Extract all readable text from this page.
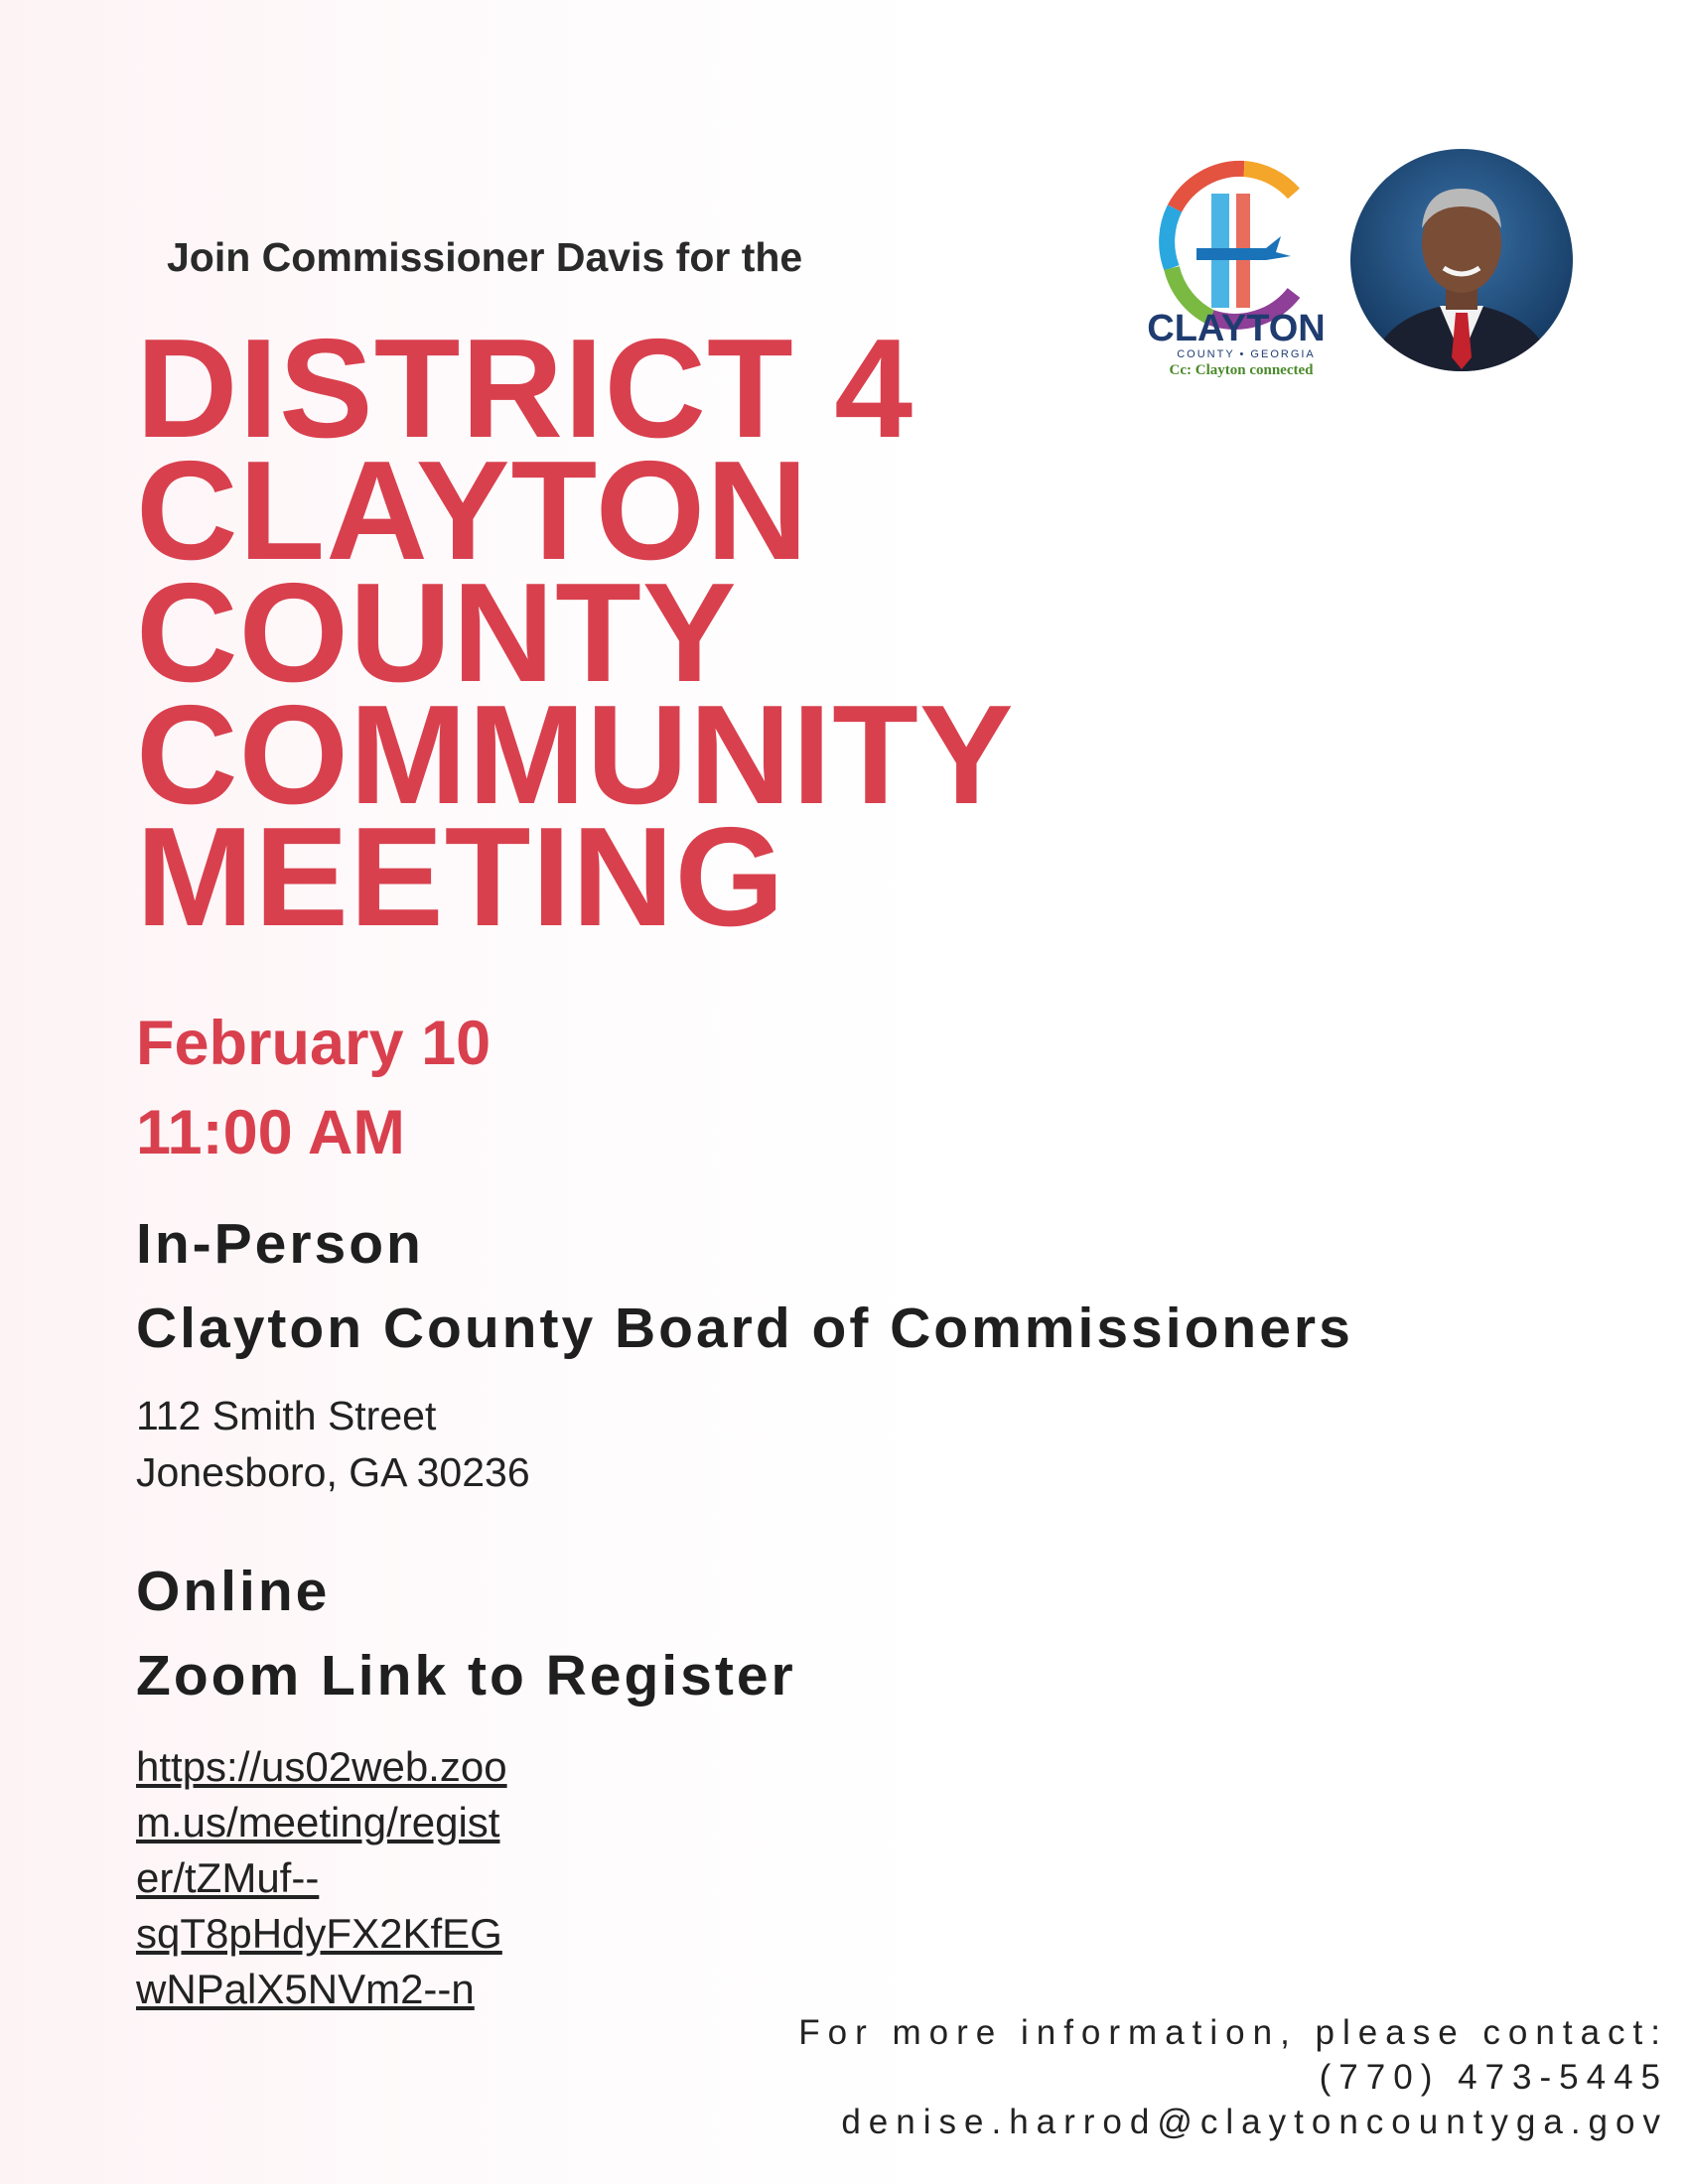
Join Commissioner Davis for the
DISTRICT 4
CLAYTON
COUNTY
COMMUNITY
MEETING
February 10
11:00 AM
In-Person
Clayton County Board of Commissioners
112 Smith Street
Jonesboro, GA 30236
Online
Zoom Link to Register
https://us02web.zoo
m.us/meeting/regist
er/tZMuf--
sqT8pHdyFX2KfEG
wNPalX5NVm2--n
For more information, please contact:
(770) 473-5445
denise.harrod@claytoncountyga.gov
CLAYTON
COUNTY • GEORGIA
Cc: Clayton connected
